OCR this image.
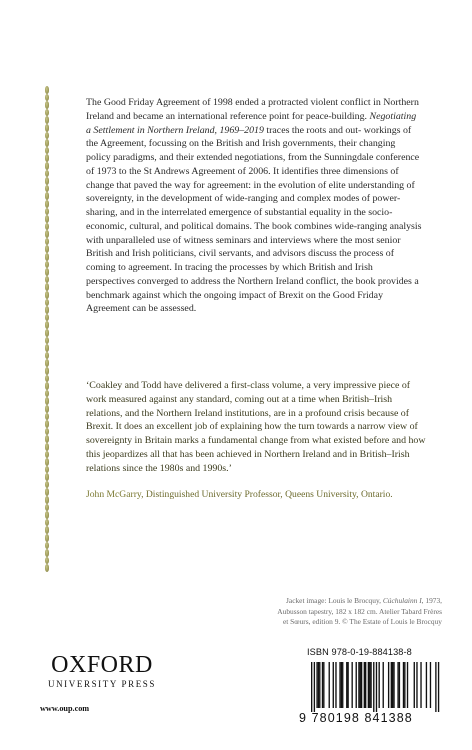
The Good Friday Agreement of 1998 ended a protracted violent conflict in Northern Ireland and became an international reference point for peace-building. Negotiating a Settlement in Northern Ireland, 1969–2019 traces the roots and out- workings of the Agreement, focussing on the British and Irish governments, their changing policy paradigms, and their extended negotiations, from the Sunningdale conference of 1973 to the St Andrews Agreement of 2006. It identifies three dimensions of change that paved the way for agreement: in the evolution of elite understanding of sovereignty, in the development of wide-ranging and complex modes of power-sharing, and in the interrelated emergence of substantial equality in the socio-economic, cultural, and political domains. The book combines wide-ranging analysis with unparalleled use of witness seminars and interviews where the most senior British and Irish politicians, civil servants, and advisors discuss the process of coming to agreement. In tracing the processes by which British and Irish perspectives converged to address the Northern Ireland conflict, the book provides a benchmark against which the ongoing impact of Brexit on the Good Friday Agreement can be assessed.
‘Coakley and Todd have delivered a first-class volume, a very impressive piece of work measured against any standard, coming out at a time when British–Irish relations, and the Northern Ireland institutions, are in a profound crisis because of Brexit. It does an excellent job of explaining how the turn towards a narrow view of sovereignty in Britain marks a fundamental change from what existed before and how this jeopardizes all that has been achieved in Northern Ireland and in British–Irish relations since the 1980s and 1990s.’
John McGarry, Distinguished University Professor, Queens University, Ontario.
Jacket image: Louis le Brocquy, Cúchulainn I, 1973,
Aubusson tapestry, 182 x 182 cm. Atelier Tabard Frères
et Sœurs, edition 9. © The Estate of Louis le Brocquy
OXFORD
UNIVERSITY PRESS
www.oup.com
ISBN 978-0-19-884138-8
9 780198 841388
